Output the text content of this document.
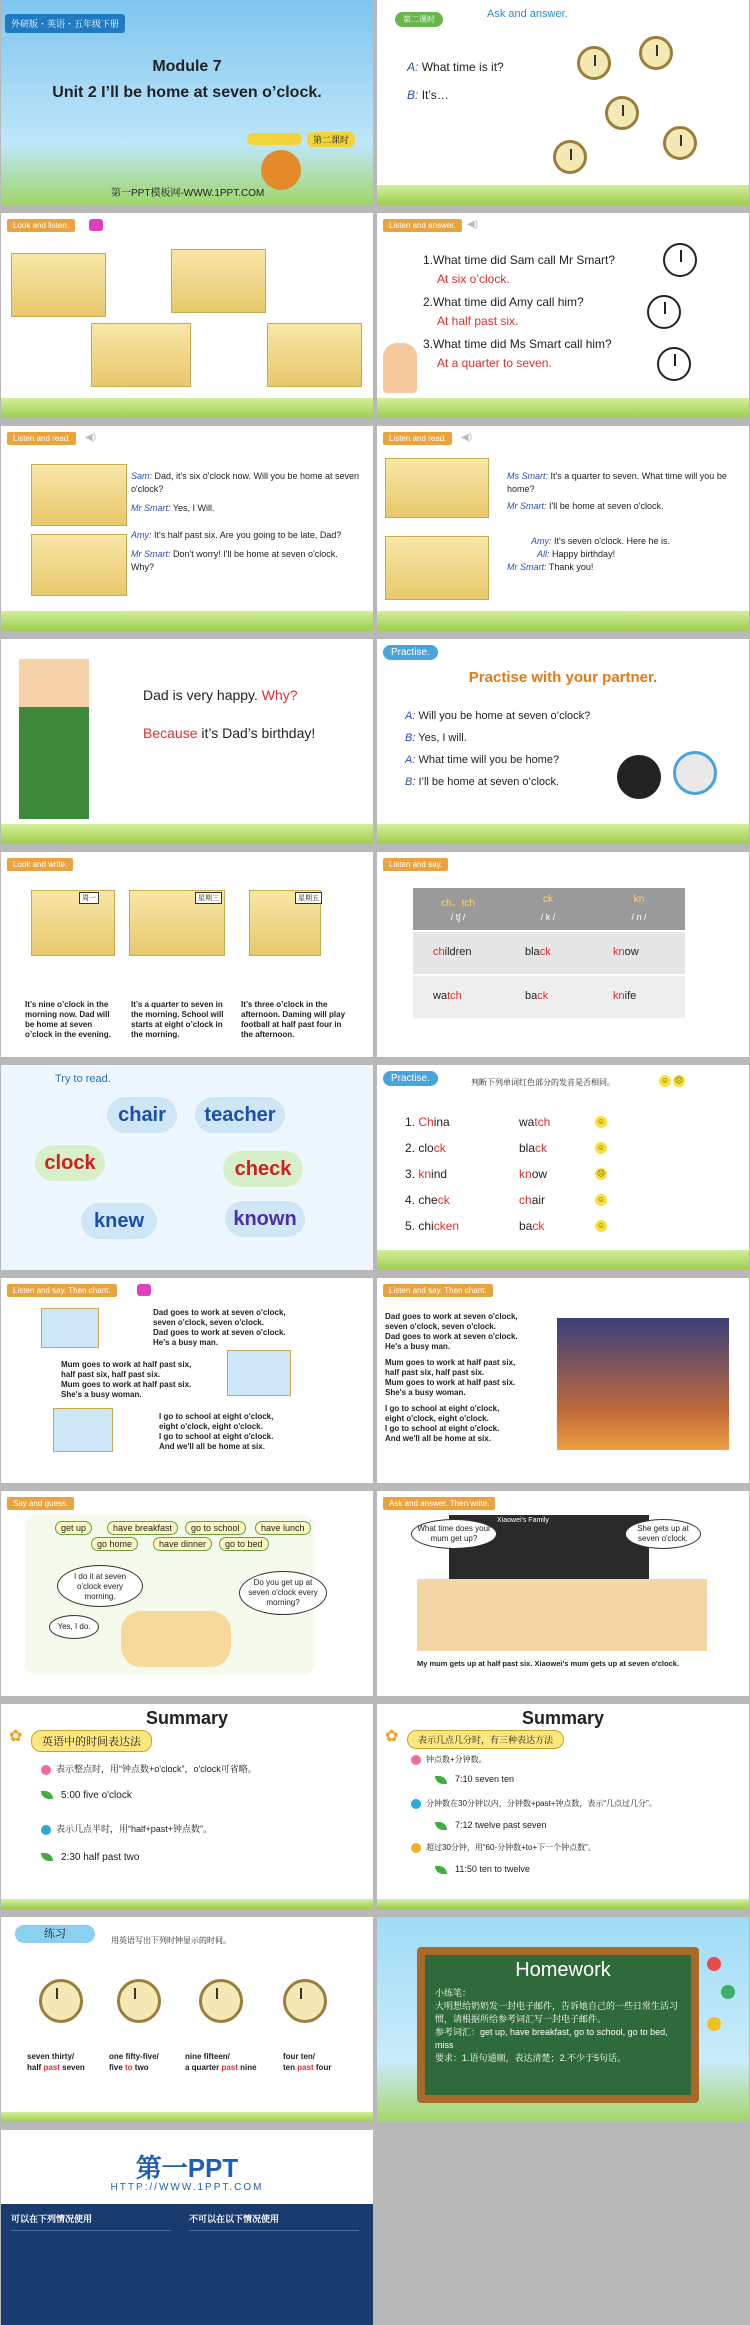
外研版・英语・五年级下册
Module 7
Unit 2 I’ll be home at seven o’clock.
第二课时
第一PPT模板网-WWW.1PPT.COM
第二课时	Ask and answer.
A: What time is it?
B: It’s…
Look and listen.	Listen and answer.	◀)
1.What time did Sam call Mr Smart?
At six o’clock.
2.What time did Amy call him?
At half past six.
3.What time did Ms Smart call him?
At a quarter to seven.
Listen and read.	◀)
Sam: Dad, it's six o'clock now. Will you be home at seven o'clock?
Mr Smart: Yes, I Will.
Amy: It's half past six. Are you going to be late, Dad?
Mr Smart: Don't worry! I'll be home at seven o'clock. Why?
Listen and read.	◀)
Ms Smart: It's a quarter to seven. What time will you be home?
Mr Smart: I'll be home at seven o'clock.
Amy: It's seven o'clock. Here he is.
All: Happy birthday!
Mr Smart: Thank you!
Dad is very happy. Why?
Because it’s Dad’s birthday!
Practise.
Practise with your partner.
A: Will you be home at seven o’clock?
B: Yes, I will.
A: What time will you be home?
B: I’ll be home at seven o’clock.
Look and write.
周一	星期三	星期五
It’s nine o’clock in the morning now. Dad will be home at seven o’clock in the evening.
It’s a quarter to seven in the morning. School will starts at eight o’clock in the morning.
It’s three o’clock in the afternoon. Daming will play football at half past four in the afternoon.
Listen and say.
ch、tch	ck	kn
/ tʃ /	/ k /	/ n /
children	black	know
watch	back	knife
Try to read.
chair	teacher
clock	check
knew	known
Practise.	判断下列单词红色部分的发音是否相同。	☺ ☹
1. China	watch	☺
2. clock	black	☺
3. knind	know	☹
4. check	chair	☺
5. chicken	back	☺
Listen and say. Then chant.
Dad goes to work at seven o'clock,
seven o'clock, seven o'clock.
Dad goes to work at seven o'clock.
He's a busy man.
Mum goes to work at half past six,
half past six, half past six.
Mum goes to work at half past six.
She's a busy woman.
I go to school at eight o'clock,
eight o'clock, eight o'clock.
I go to school at eight o'clock.
And we'll all be home at six.
Listen and say. Then chant.
Dad goes to work at seven o'clock,
seven o'clock, seven o'clock.
Dad goes to work at seven o'clock.
He's a busy man.
Mum goes to work at half past six,
half past six, half past six.
Mum goes to work at half past six.
She's a busy woman.
I go to school at eight o'clock,
eight o'clock, eight o'clock.
I go to school at eight o'clock.
And we'll all be home at six.
Say and guess.
get up	have breakfast	go to school	have lunch
go home	have dinner	go to bed
I do it at seven o'clock every morning.
Do you get up at seven o'clock every morning?
Yes, I do.
Ask and answer. Then write.
Xiaowei's Family
What time does your mum get up?
She gets up at seven o'clock.
My mum gets up at half past six. Xiaowei's mum gets up at seven o'clock.
Summary
英语中的时间表达法
✿
表示整点时，用“钟点数+o'clock”，o'clock可省略。
5:00 five o'clock
表示几点半时，用“half+past+钟点数”。
2:30 half past two
Summary
表示几点几分时，有三种表达方法
✿
钟点数+分钟数。
7:10 seven ten
分钟数在30分钟以内，分钟数+past+钟点数，表示“几点过几分”。
7:12 twelve past seven
超过30分钟，用“60-分钟数+to+下一个钟点数”。
11:50 ten to twelve
练习
用英语写出下列时钟显示的时间。
seven thirty/
half past seven
one fifty-five/
five to two
nine fifteen/
a quarter past nine
four ten/
ten past four
Homework
小练笔：
大明想给奶奶发一封电子邮件，告诉她自己的一些日常生活习惯，请根据所给参考词汇写一封电子邮件。
参考词汇：get up, have breakfast, go to school, go to bed, miss
要求：1.语句通顺，表达清楚；2.不少于5句话。
第一PPT
HTTP://WWW.1PPT.COM
可以在下列情况使用	不可以在以下情况使用
